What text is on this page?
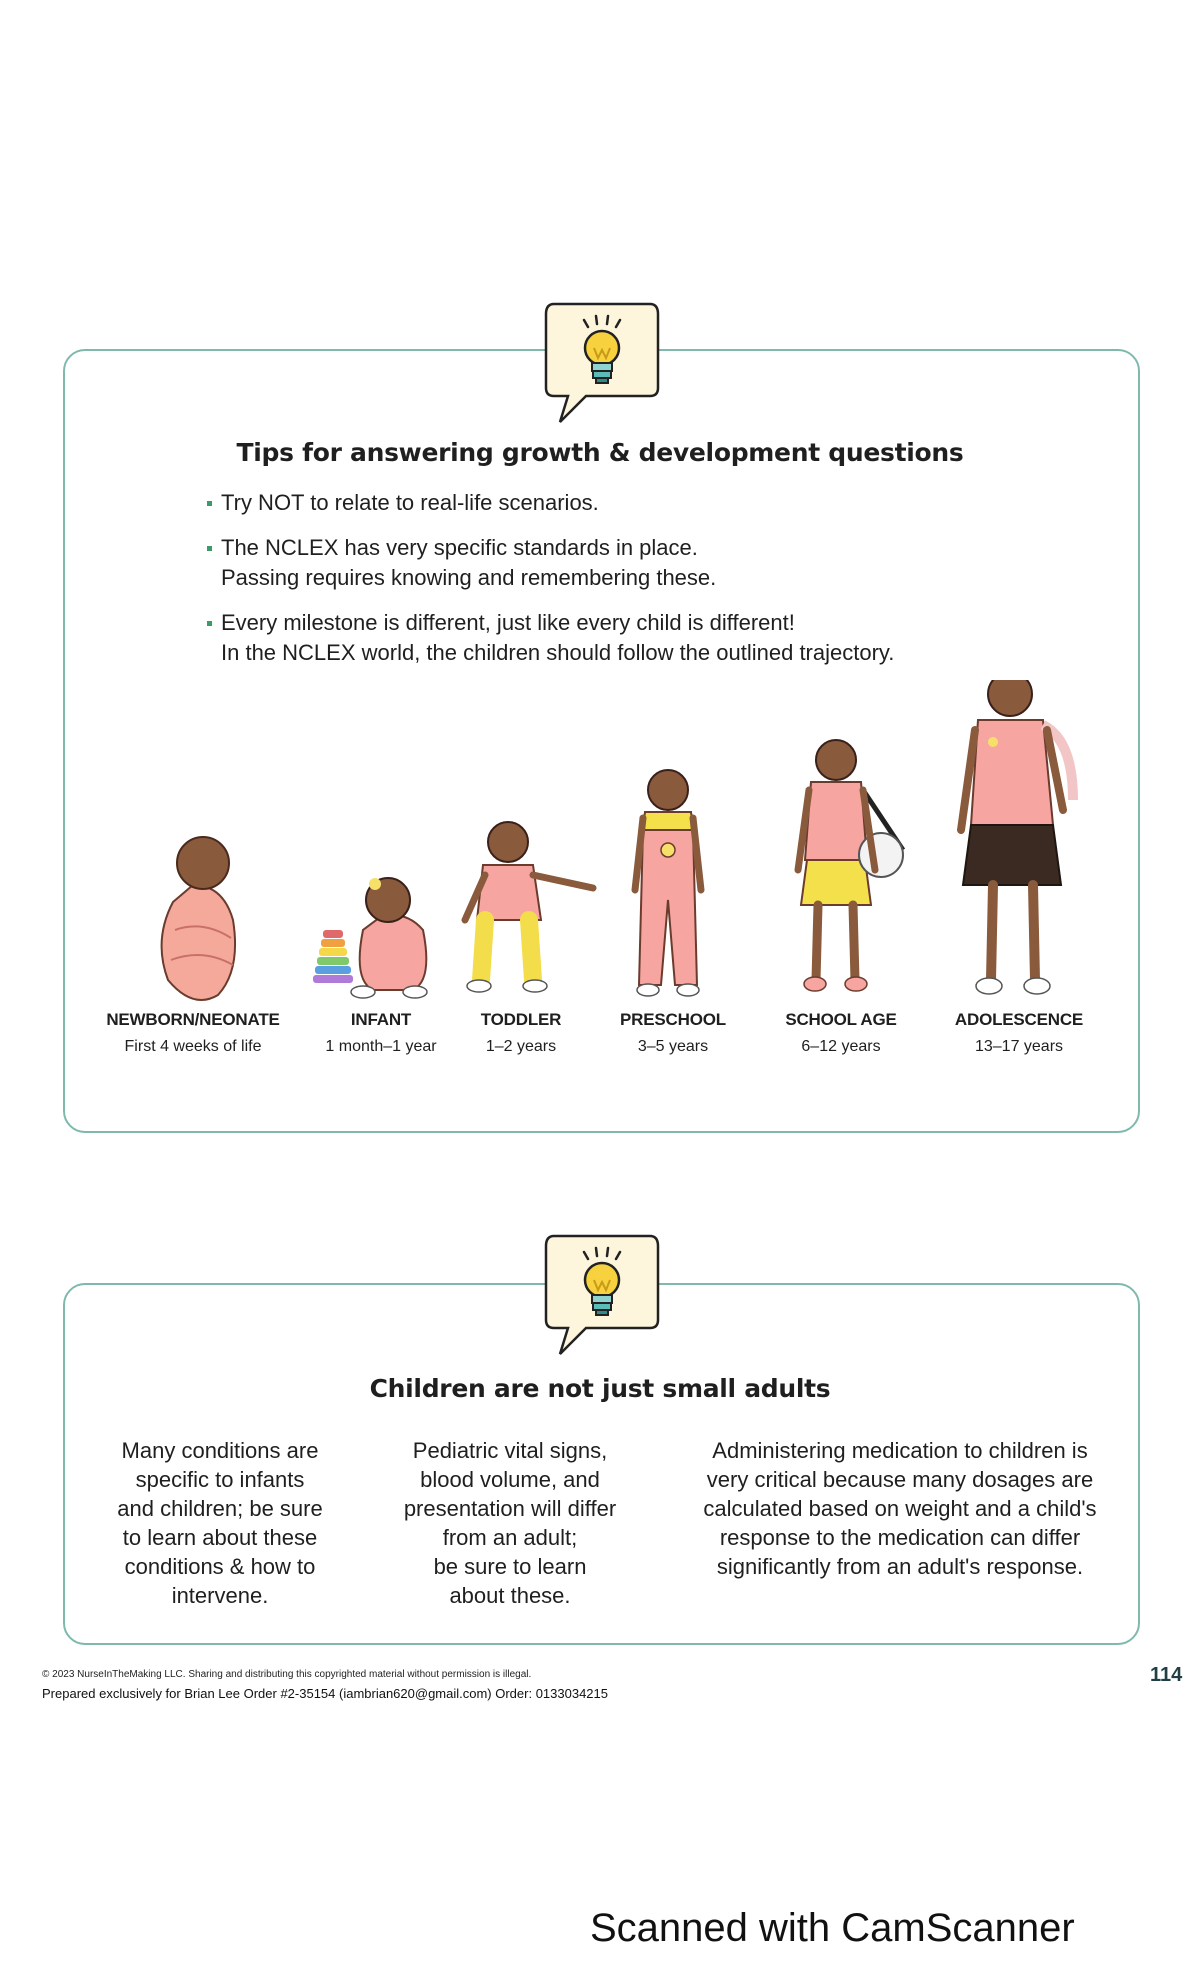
Tips for answering growth & development questions
Try NOT to relate to real-life scenarios.
The NCLEX has very specific standards in place.
Passing requires knowing and remembering these.
Every milestone is different, just like every child is different!
In the NCLEX world, the children should follow the outlined trajectory.
NEWBORN/NEONATE
First 4 weeks of life
INFANT
1 month–1 year
TODDLER
1–2 years
PRESCHOOL
3–5 years
SCHOOL AGE
6–12 years
ADOLESCENCE
13–17 years
Children are not just small adults
Many conditions are
specific to infants
and children; be sure
to learn about these
conditions & how to
intervene.
Pediatric vital signs,
blood volume, and
presentation will differ
from an adult;
be sure to learn
about these.
Administering medication to children is
very critical because many dosages are
calculated based on weight and a child's
response to the medication can differ
significantly from an adult's response.
© 2023 NurseInTheMaking LLC. Sharing and distributing this copyrighted material without permission is illegal.
Prepared exclusively for Brian Lee Order #2-35154 (iambrian620@gmail.com) Order: 0133034215
114
Scanned with CamScanner
